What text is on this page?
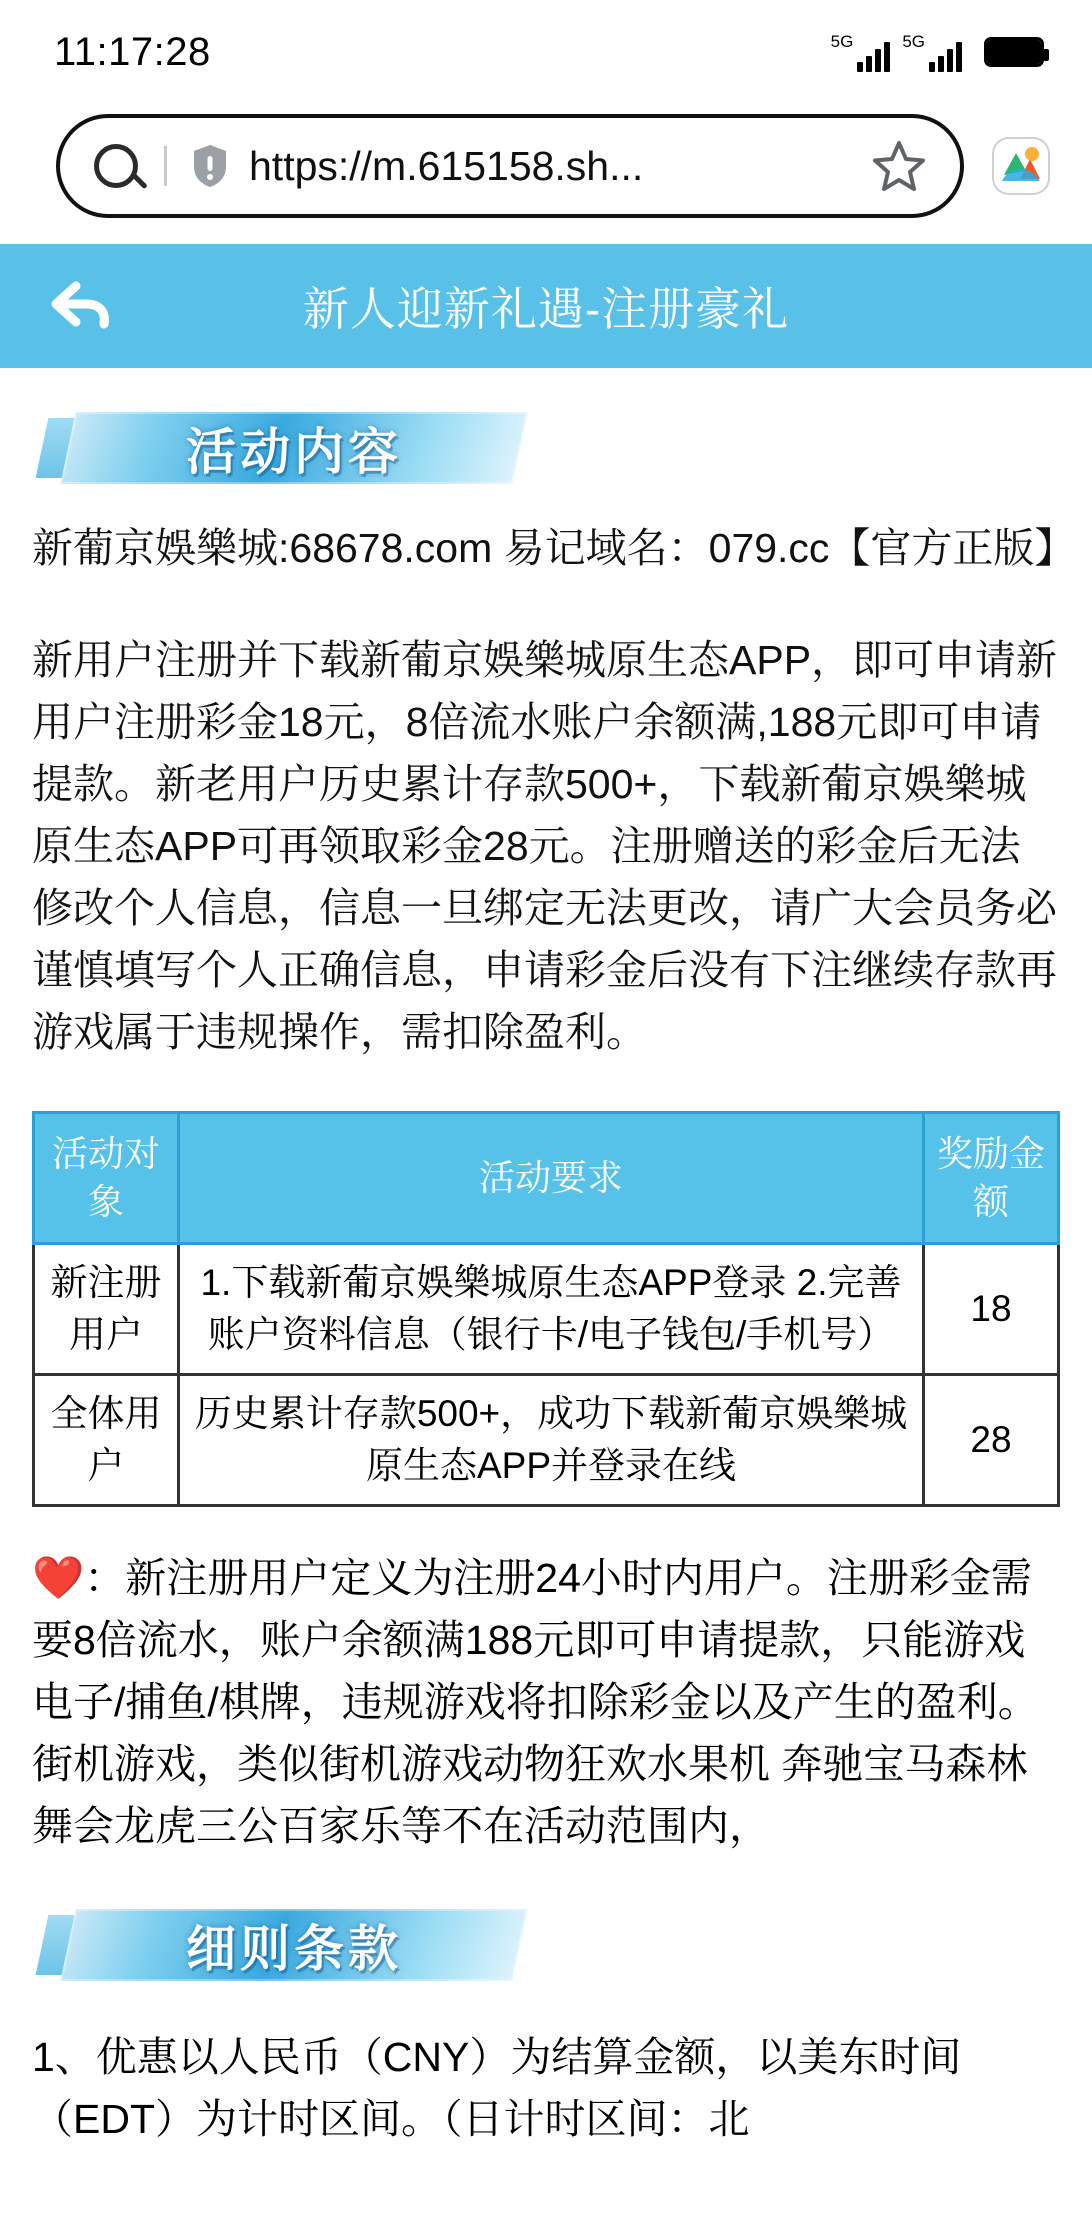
11:17:28	5G	5G
https://m.615158.sh...
新人迎新礼遇-注册豪礼
活动内容

新葡京娛樂城:68678.com 易记域名：079.cc【官方正版】

新用户注册并下载新葡京娛樂城原生态APP，即可申请新用户注册彩金18元，8倍流水账户余额满,188元即可申请提款。新老用户历史累计存款500+，下载新葡京娛樂城原生态APP可再领取彩金28元。注册赠送的彩金后无法修改个人信息，信息一旦绑定无法更改，请广大会员务必谨慎填写个人正确信息，申请彩金后没有下注继续存款再游戏属于违规操作，需扣除盈利。

活动对象	活动要求	奖励金额
新注册用户	1.下载新葡京娛樂城原生态APP登录 2.完善账户资料信息（银行卡/电子钱包/手机号）	18
全体用户	历史累计存款500+，成功下载新葡京娛樂城原生态APP并登录在线	28
❤️：新注册用户定义为注册24小时内用户。注册彩金需要8倍流水，账户余额满188元即可申请提款，只能游戏电子/捕鱼/棋牌，违规游戏将扣除彩金以及产生的盈利。
街机游戏，类似街机游戏动物狂欢水果机 奔驰宝马森林舞会龙虎三公百家乐等不在活动范围内，
细则条款
1、优惠以人民币（CNY）为结算金额，以美东时间（EDT）为计时区间。（日计时区间：北
